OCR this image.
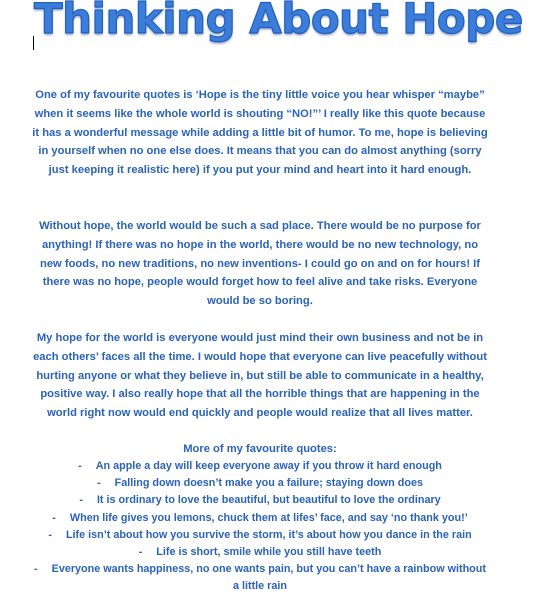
Thinking About Hope

One of my favourite quotes is ‘Hope is the tiny little voice you hear whisper “maybe” when it seems like the whole world is shouting “NO!”’ I really like this quote because it has a wonderful message while adding a little bit of humor. To me, hope is believing in yourself when no one else does. It means that you can do almost anything (sorry just keeping it realistic here) if you put your mind and heart into it hard enough.

Without hope, the world would be such a sad place. There would be no purpose for anything! If there was no hope in the world, there would be no new technology, no new foods, no new traditions, no new inventions- I could go on and on for hours! If there was no hope, people would forget how to feel alive and take risks. Everyone would be so boring.

My hope for the world is everyone would just mind their own business and not be in each others’ faces all the time. I would hope that everyone can live peacefully without hurting anyone or what they believe in, but still be able to communicate in a healthy, positive way. I also really hope that all the horrible things that are happening in the world right now would end quickly and people would realize that all lives matter.

More of my favourite quotes:

- An apple a day will keep everyone away if you throw it hard enough
- Falling down doesn’t make you a failure; staying down does
- It is ordinary to love the beautiful, but beautiful to love the ordinary
- When life gives you lemons, chuck them at lifes’ face, and say ‘no thank you!’
- Life isn’t about how you survive the storm, it’s about how you dance in the rain
- Life is short, smile while you still have teeth
- Everyone wants happiness, no one wants pain, but you can’t have a rainbow without a little rain
